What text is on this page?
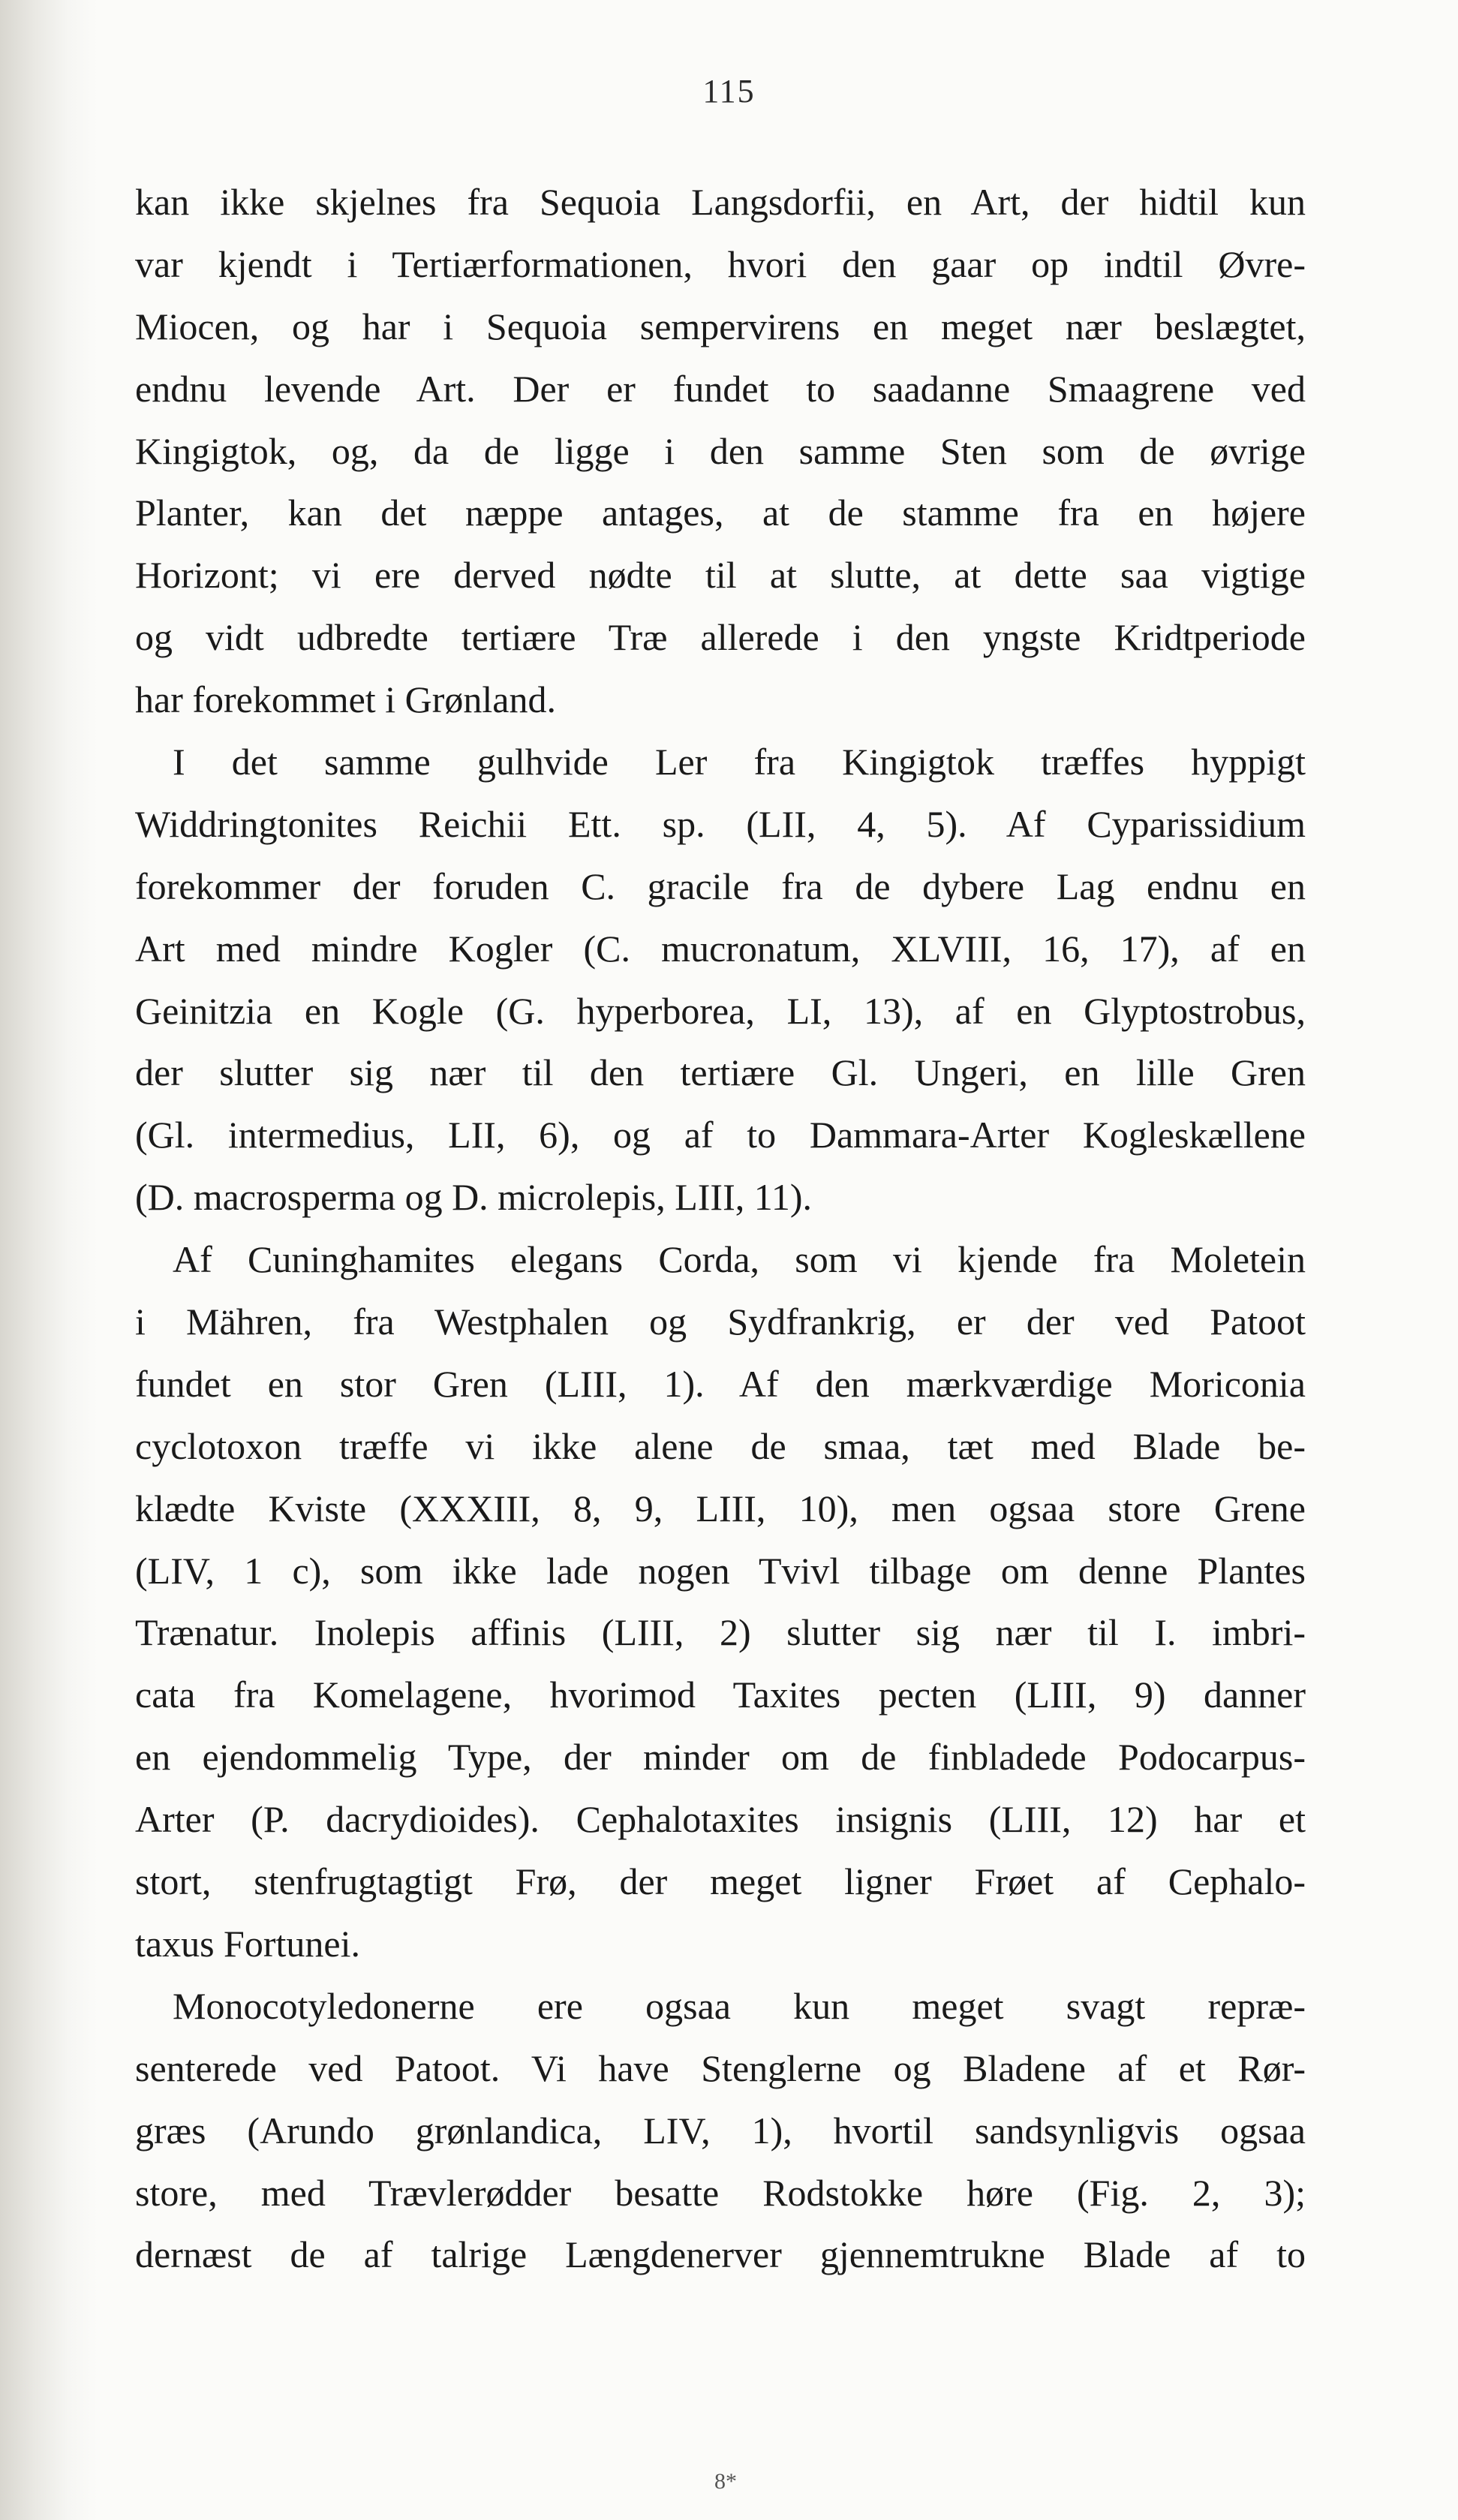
115
kan ikke skjelnes fra Sequoia Langsdorfii, en Art, der hidtil kun
var kjendt i Tertiærformationen, hvori den gaar op indtil Øvre-
Miocen, og har i Sequoia sempervirens en meget nær beslægtet,
endnu levende Art. Der er fundet to saadanne Smaagrene ved
Kingigtok, og, da de ligge i den samme Sten som de øvrige
Planter, kan det næppe antages, at de stamme fra en højere
Horizont; vi ere derved nødte til at slutte, at dette saa vigtige
og vidt udbredte tertiære Træ allerede i den yngste Kridtperiode
har forekommet i Grønland.
I det samme gulhvide Ler fra Kingigtok træffes hyppigt
Widdringtonites Reichii Ett. sp. (LII, 4, 5). Af Cyparissidium
forekommer der foruden C. gracile fra de dybere Lag endnu en
Art med mindre Kogler (C. mucronatum, XLVIII, 16, 17), af en
Geinitzia en Kogle (G. hyperborea, LI, 13), af en Glyptostrobus,
der slutter sig nær til den tertiære Gl. Ungeri, en lille Gren
(Gl. intermedius, LII, 6), og af to Dammara-Arter Kogleskællene
(D. macrosperma og D. microlepis, LIII, 11).
Af Cuninghamites elegans Corda, som vi kjende fra Moletein
i Mähren, fra Westphalen og Sydfrankrig, er der ved Patoot
fundet en stor Gren (LIII, 1). Af den mærkværdige Moriconia
cyclotoxon træffe vi ikke alene de smaa, tæt med Blade be-
klædte Kviste (XXXIII, 8, 9, LIII, 10), men ogsaa store Grene
(LIV, 1 c), som ikke lade nogen Tvivl tilbage om denne Plantes
Trænatur. Inolepis affinis (LIII, 2) slutter sig nær til I. imbri-
cata fra Komelagene, hvorimod Taxites pecten (LIII, 9) danner
en ejendommelig Type, der minder om de finbladede Podocarpus-
Arter (P. dacrydioides). Cephalotaxites insignis (LIII, 12) har et
stort, stenfrugtagtigt Frø, der meget ligner Frøet af Cephalo-
taxus Fortunei.
Monocotyledonerne ere ogsaa kun meget svagt repræ-
senterede ved Patoot. Vi have Stenglerne og Bladene af et Rør-
græs (Arundo grønlandica, LIV, 1), hvortil sandsynligvis ogsaa
store, med Trævlerødder besatte Rodstokke høre (Fig. 2, 3);
dernæst de af talrige Længdenerver gjennemtrukne Blade af to
8*
